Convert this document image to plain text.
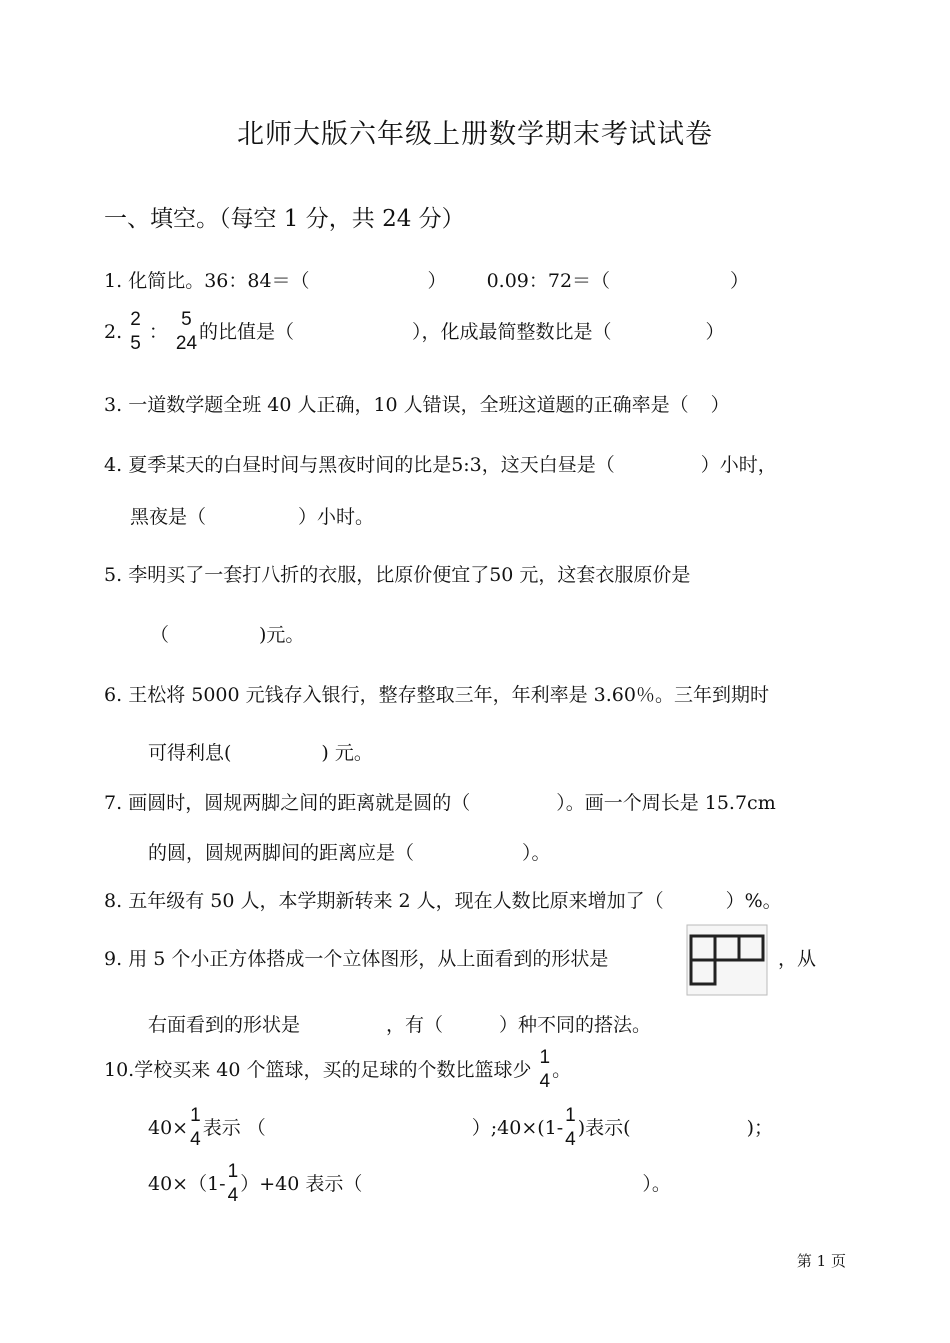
北师大版六年级上册数学期末考试试卷
一、填空。（每空 1 分，共 24 分）
1. 化简比。36：84＝（	） 0.09：72＝（	）
2.
2
5
：
5
24
的比值是（	），化成最简整数比是（	）
3. 一道数学题全班 40 人正确，10 人错误，全班这道题的正确率是（ ）
4. 夏季某天的白昼时间与黑夜时间的比是5:3，这天白昼是（	）小时，
黑夜是（	）小时。
5. 李明买了一套打八折的衣服，比原价便宜了50 元，这套衣服原价是
（	)元。
6. 王松将 5000 元钱存入银行，整存整取三年，年利率是 3.60％。三年到期时
可得利息(	) 元。
7. 画圆时，圆规两脚之间的距离就是圆的（	）。画一个周长是 15.7cm
的圆，圆规两脚间的距离应是（	）。
8. 五年级有 50 人，本学期新转来 2 人，现在人数比原来增加了（	）%。
9. 用 5 个小正方体搭成一个立体图形，从上面看到的形状是	，从
右面看到的形状是	，有（	）种不同的搭法。
10.学校买来 40 个篮球，买的足球的个数比篮球少
1
4
。
40×
1
4
表示 （	）;40×(1-
1
4
)表示(	)；
40×（1-
1
4
）+40 表示（	）。
第 1 页
